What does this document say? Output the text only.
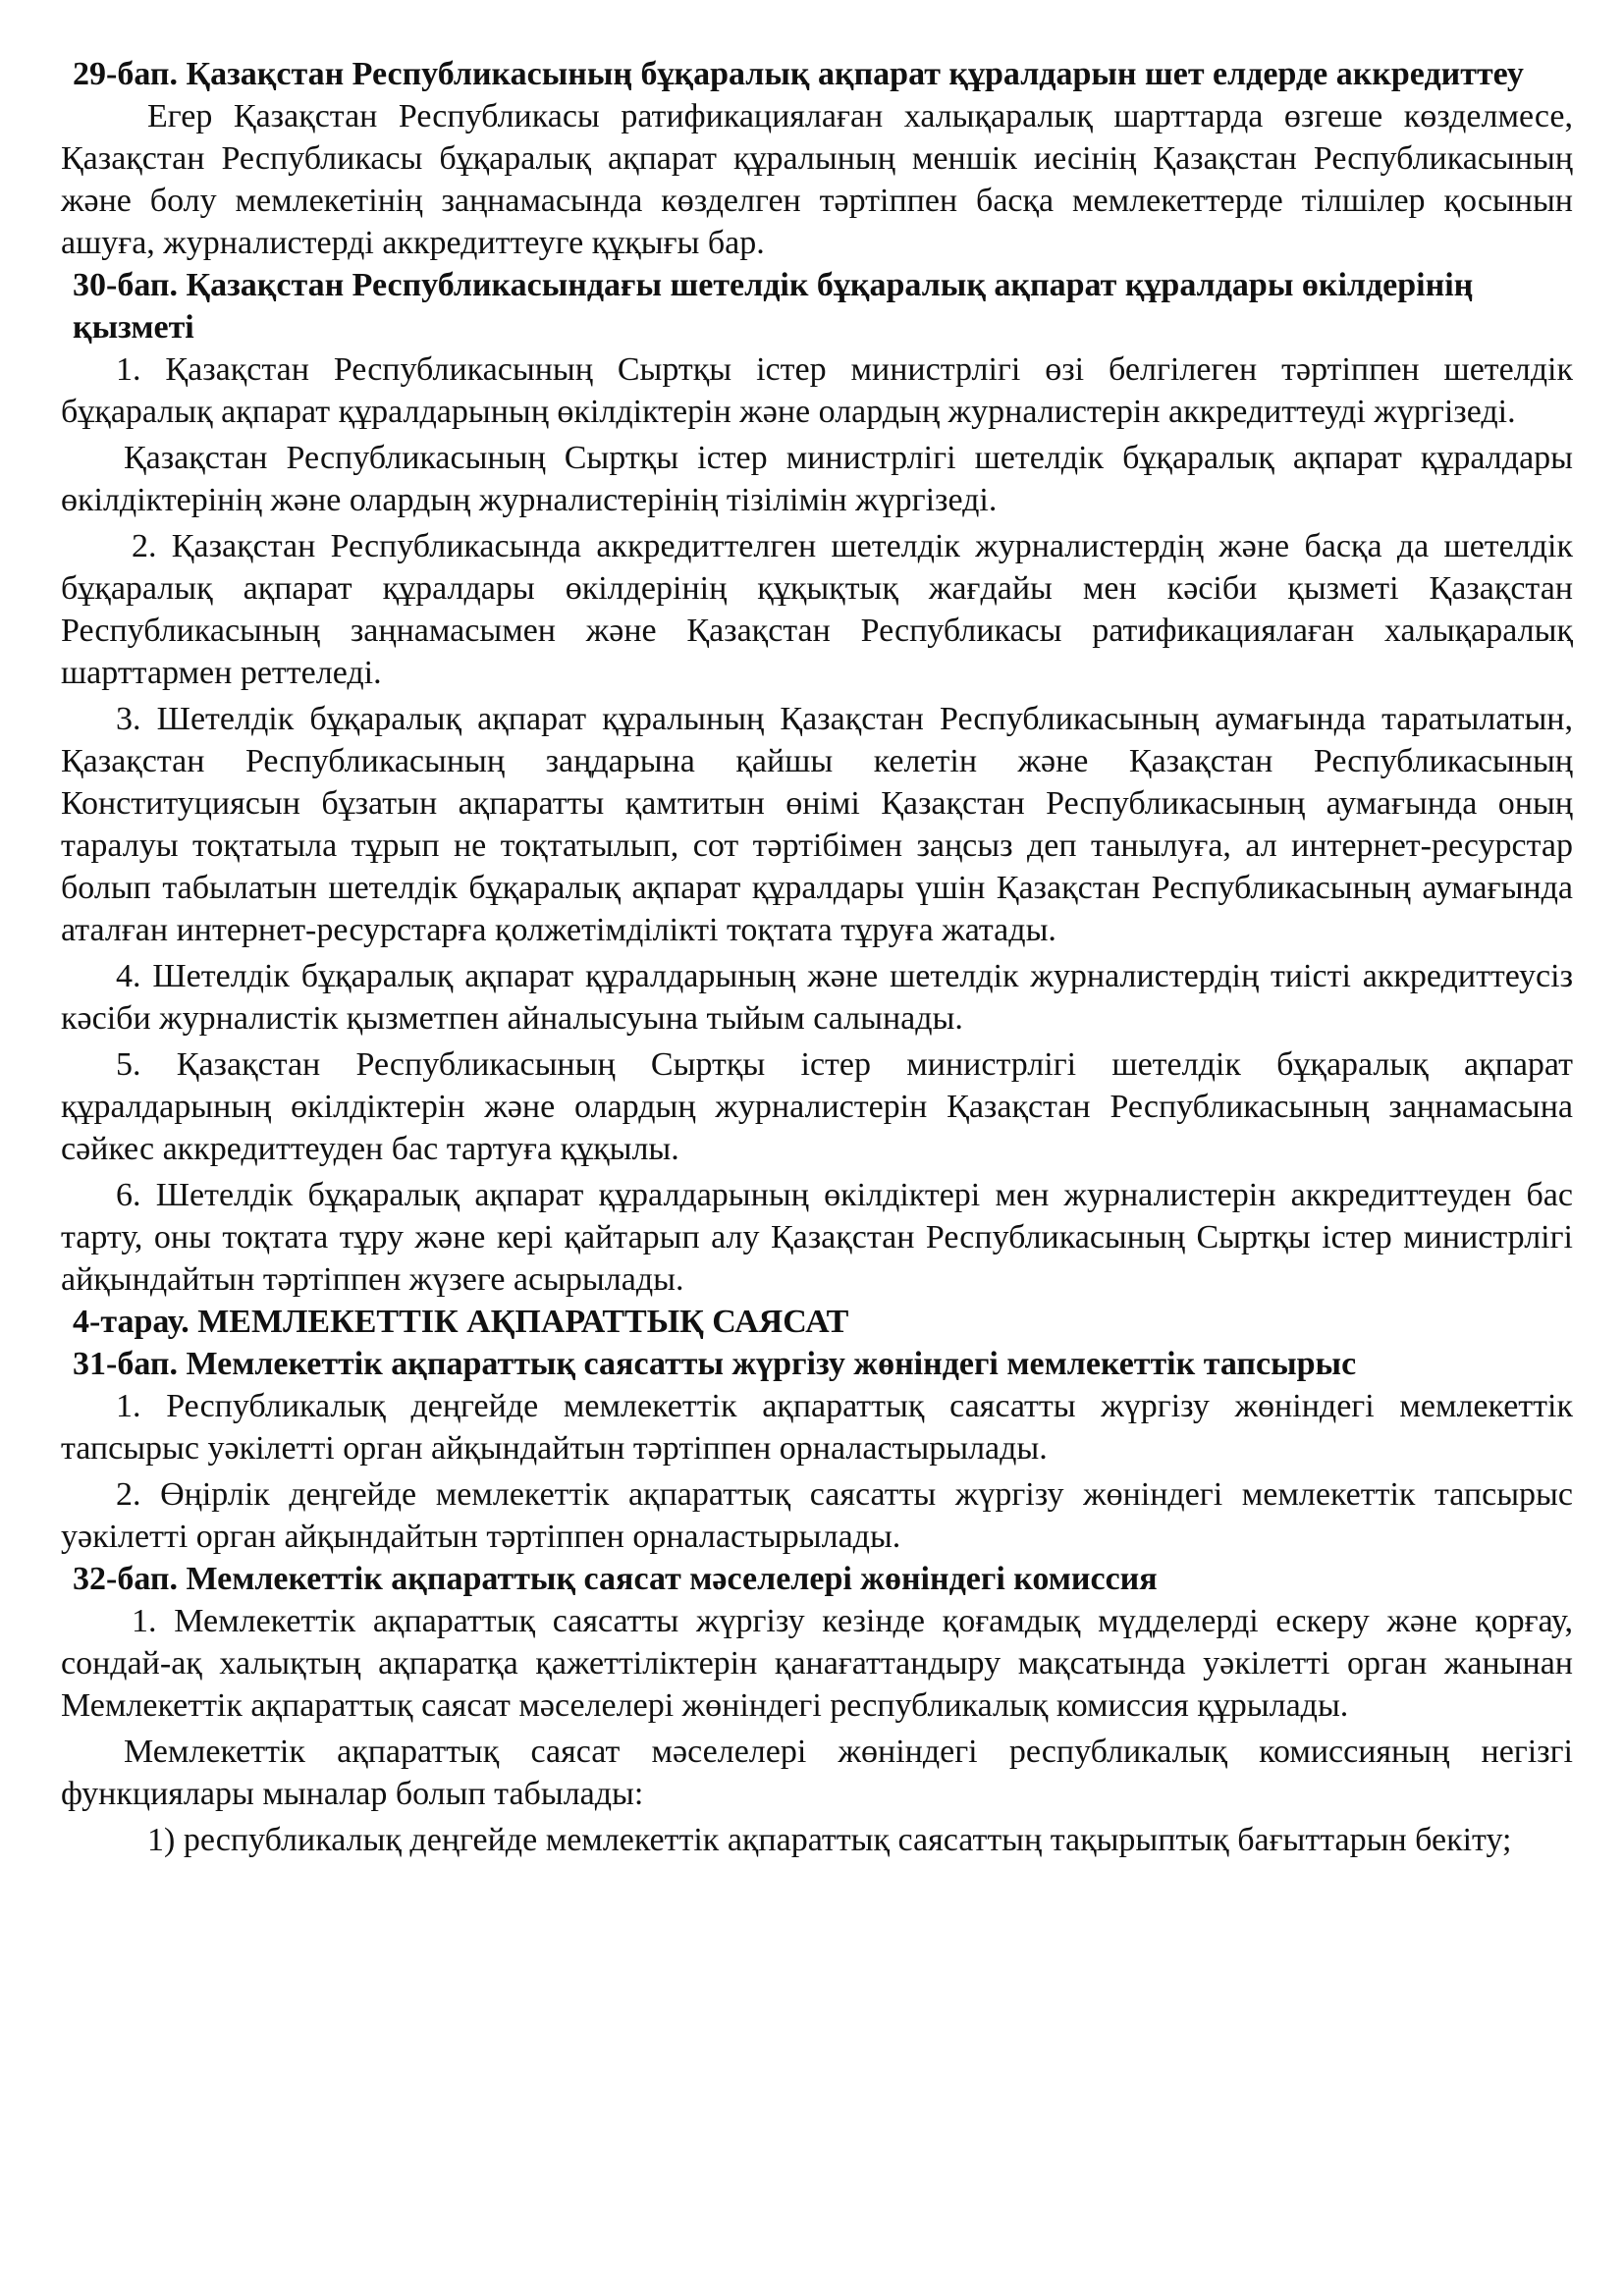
29-бап. Қазақстан Республикасының бұқаралық ақпарат құралдарын шет елдерде аккредиттеу

Егер Қазақстан Республикасы ратификациялаған халықаралық шарттарда өзгеше көзделмесе, Қазақстан Республикасы бұқаралық ақпарат құралының меншік иесінің Қазақстан Республикасының және болу мемлекетінің заңнамасында көзделген тәртіппен басқа мемлекеттерде тілшілер қосынын ашуға, журналистерді аккредиттеуге құқығы бар.

30-бап. Қазақстан Республикасындағы шетелдік бұқаралық ақпарат құралдары өкілдерінің қызметі

1. Қазақстан Республикасының Сыртқы істер министрлігі өзі белгілеген тәртіппен шетелдік бұқаралық ақпарат құралдарының өкілдіктерін және олардың журналистерін аккредиттеуді жүргізеді.

Қазақстан Республикасының Сыртқы істер министрлігі шетелдік бұқаралық ақпарат құралдары өкілдіктерінің және олардың журналистерінің тізілімін жүргізеді.

2. Қазақстан Республикасында аккредиттелген шетелдік журналистердің және басқа да шетелдік бұқаралық ақпарат құралдары өкілдерінің құқықтық жағдайы мен кәсіби қызметі Қазақстан Республикасының заңнамасымен және Қазақстан Республикасы ратификациялаған халықаралық шарттармен реттеледі.

3. Шетелдік бұқаралық ақпарат құралының Қазақстан Республикасының аумағында таратылатын, Қазақстан Республикасының заңдарына қайшы келетін және Қазақстан Республикасының Конституциясын бұзатын ақпаратты қамтитын өнімі Қазақстан Республикасының аумағында оның таралуы тоқтатыла тұрып не тоқтатылып, сот тәртібімен заңсыз деп танылуға, ал интернет-ресурстар болып табылатын шетелдік бұқаралық ақпарат құралдары үшін Қазақстан Республикасының аумағында аталған интернет-ресурстарға қолжетімділікті тоқтата тұруға жатады.

4. Шетелдік бұқаралық ақпарат құралдарының және шетелдік журналистердің тиісті аккредиттеусіз кәсіби журналистік қызметпен айналысуына тыйым салынады.

5. Қазақстан Республикасының Сыртқы істер министрлігі шетелдік бұқаралық ақпарат құралдарының өкілдіктерін және олардың журналистерін Қазақстан Республикасының заңнамасына сәйкес аккредиттеуден бас тартуға құқылы.

6. Шетелдік бұқаралық ақпарат құралдарының өкілдіктері мен журналистерін аккредиттеуден бас тарту, оны тоқтата тұру және кері қайтарып алу Қазақстан Республикасының Сыртқы істер министрлігі айқындайтын тәртіппен жүзеге асырылады.

4-тарау. МЕМЛЕКЕТТІК АҚПАРАТТЫҚ САЯСАТ
31-бап. Мемлекеттік ақпараттық саясатты жүргізу жөніндегі мемлекеттік тапсырыс

1. Республикалық деңгейде мемлекеттік ақпараттық саясатты жүргізу жөніндегі мемлекеттік тапсырыс уәкілетті орган айқындайтын тәртіппен орналастырылады.

2. Өңірлік деңгейде мемлекеттік ақпараттық саясатты жүргізу жөніндегі мемлекеттік тапсырыс уәкілетті орган айқындайтын тәртіппен орналастырылады.

32-бап. Мемлекеттік ақпараттық саясат мәселелері жөніндегі комиссия

1. Мемлекеттік ақпараттық саясатты жүргізу кезінде қоғамдық мүдделерді ескеру және қорғау, сондай-ақ халықтың ақпаратқа қажеттіліктерін қанағаттандыру мақсатында уәкілетті орган жанынан Мемлекеттік ақпараттық саясат мәселелері жөніндегі республикалық комиссия құрылады.

Мемлекеттік ақпараттық саясат мәселелері жөніндегі республикалық комиссияның негізгі функциялары мыналар болып табылады:

1) республикалық деңгейде мемлекеттік ақпараттық саясаттың тақырыптық бағыттарын бекіту;
